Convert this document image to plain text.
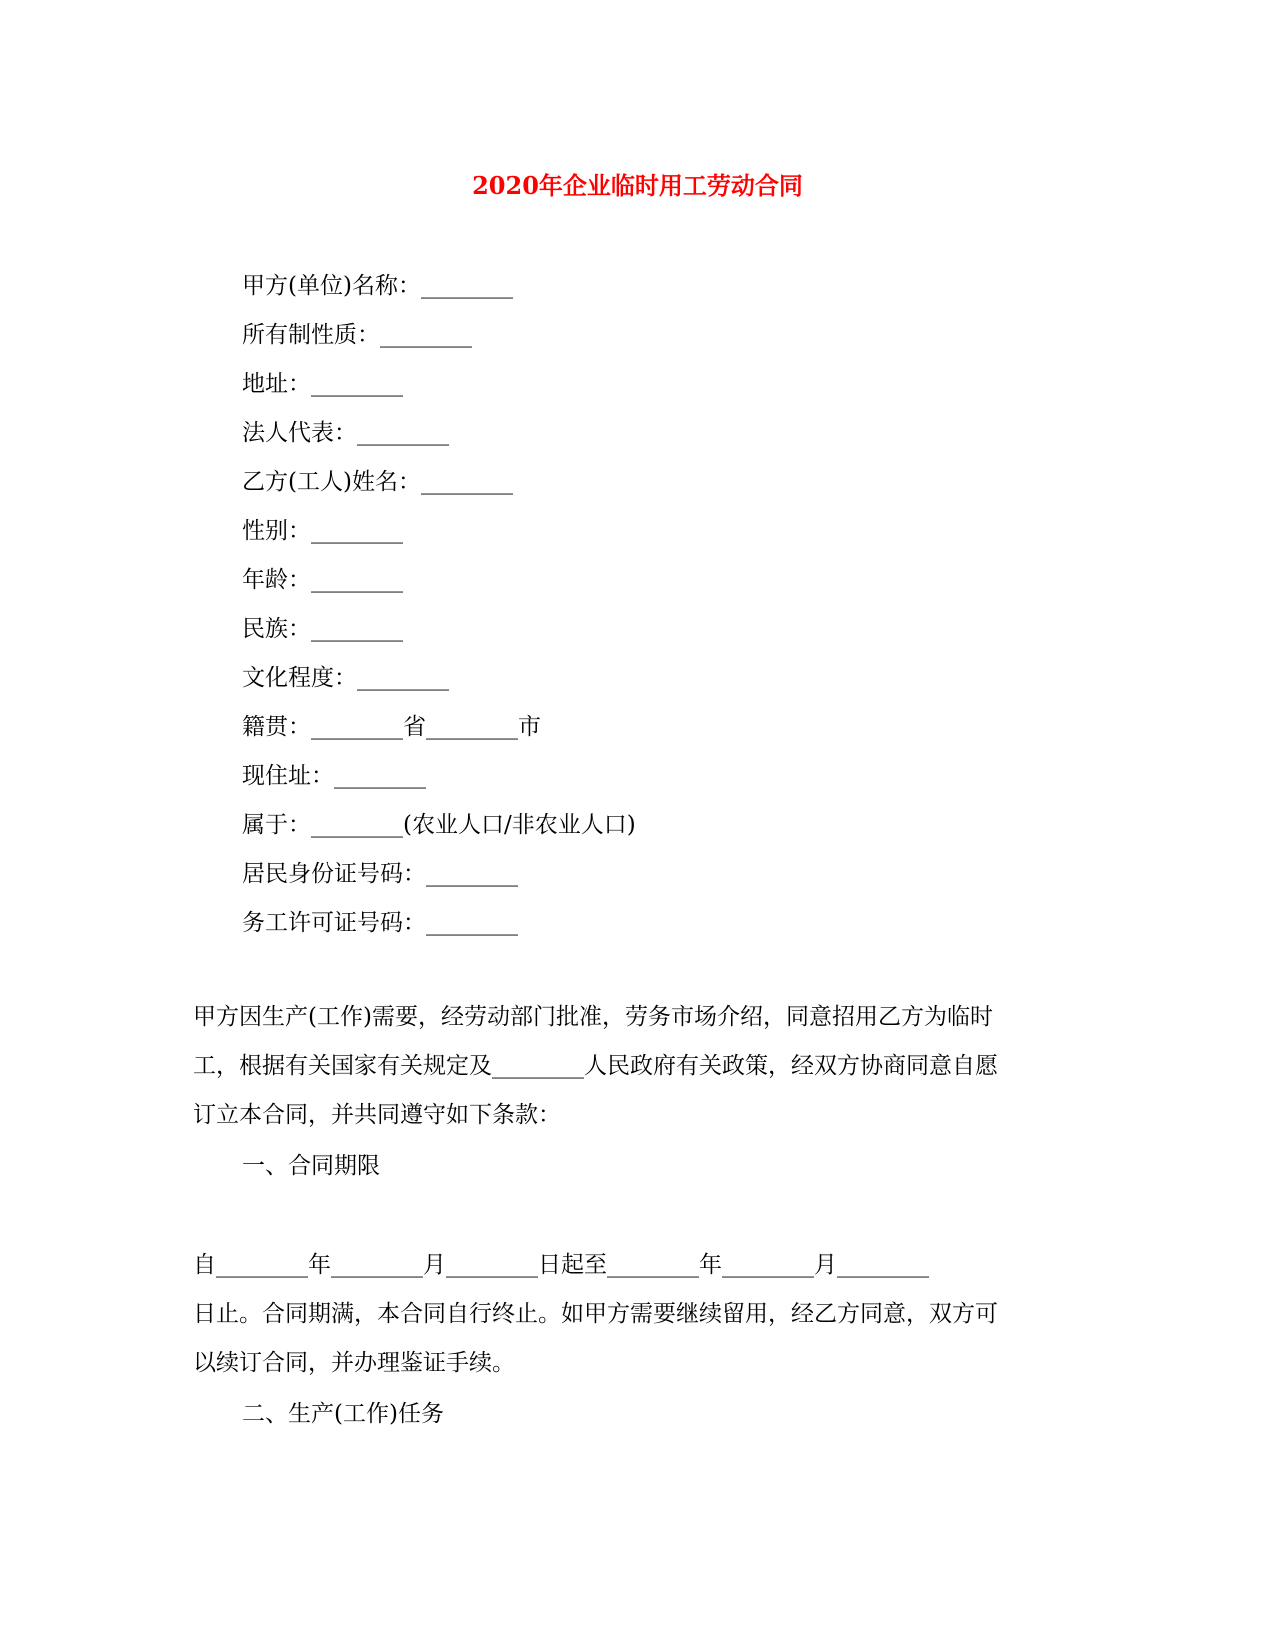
2020年企业临时用工劳动合同
甲方(单位)名称：________
所有制性质：________
地址：________
法人代表：________
乙方(工人)姓名：________
性别：________
年龄：________
民族：________
文化程度：________
籍贯：________省________市
现住址：________
属于：________(农业人口/非农业人口)
居民身份证号码：________
务工许可证号码：________
甲方因生产(工作)需要，经劳动部门批准，劳务市场介绍，同意招用乙方为临时
工，根据有关国家有关规定及________人民政府有关政策，经双方协商同意自愿
订立本合同，并共同遵守如下条款：
一、合同期限
自________年________月________日起至________年________月________
日止。合同期满，本合同自行终止。如甲方需要继续留用，经乙方同意，双方可
以续订合同，并办理鉴证手续。
二、生产(工作)任务
